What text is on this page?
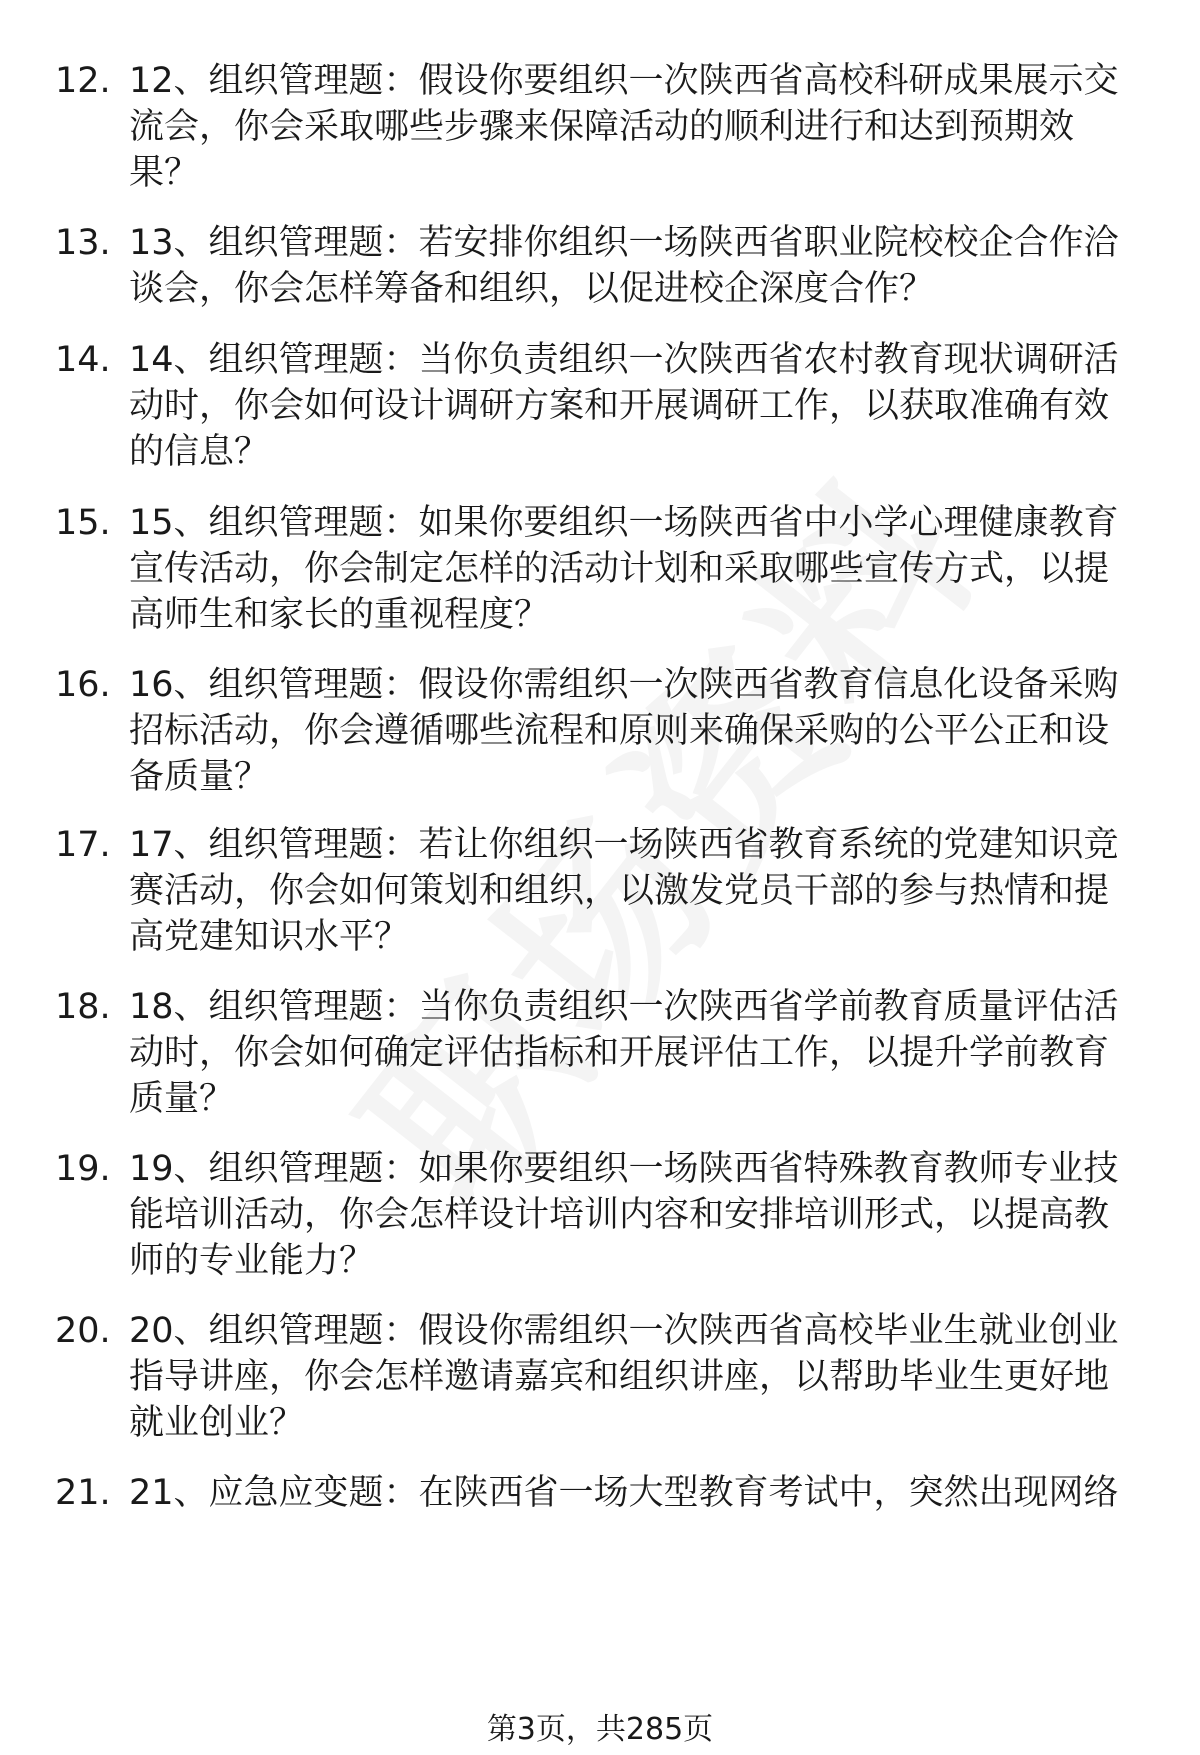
12. 12、组织管理题：假设你要组织一次陕西省高校科研成果展示交流会，你会采取哪些步骤来保障活动的顺利进行和达到预期效果？
13. 13、组织管理题：若安排你组织一场陕西省职业院校校企合作洽谈会，你会怎样筹备和组织，以促进校企深度合作？
14. 14、组织管理题：当你负责组织一次陕西省农村教育现状调研活动时，你会如何设计调研方案和开展调研工作，以获取准确有效的信息？
15. 15、组织管理题：如果你要组织一场陕西省中小学心理健康教育宣传活动，你会制定怎样的活动计划和采取哪些宣传方式，以提高师生和家长的重视程度？
16. 16、组织管理题：假设你需组织一次陕西省教育信息化设备采购招标活动，你会遵循哪些流程和原则来确保采购的公平公正和设备质量？
17. 17、组织管理题：若让你组织一场陕西省教育系统的党建知识竞赛活动，你会如何策划和组织，以激发党员干部的参与热情和提高党建知识水平？
18. 18、组织管理题：当你负责组织一次陕西省学前教育质量评估活动时，你会如何确定评估指标和开展评估工作，以提升学前教育质量？
19. 19、组织管理题：如果你要组织一场陕西省特殊教育教师专业技能培训活动，你会怎样设计培训内容和安排培训形式，以提高教师的专业能力？
20. 20、组织管理题：假设你需组织一次陕西省高校毕业生就业创业指导讲座，你会怎样邀请嘉宾和组织讲座，以帮助毕业生更好地就业创业？
21. 21、应急应变题：在陕西省一场大型教育考试中，突然出现网络
第3页，共285页
